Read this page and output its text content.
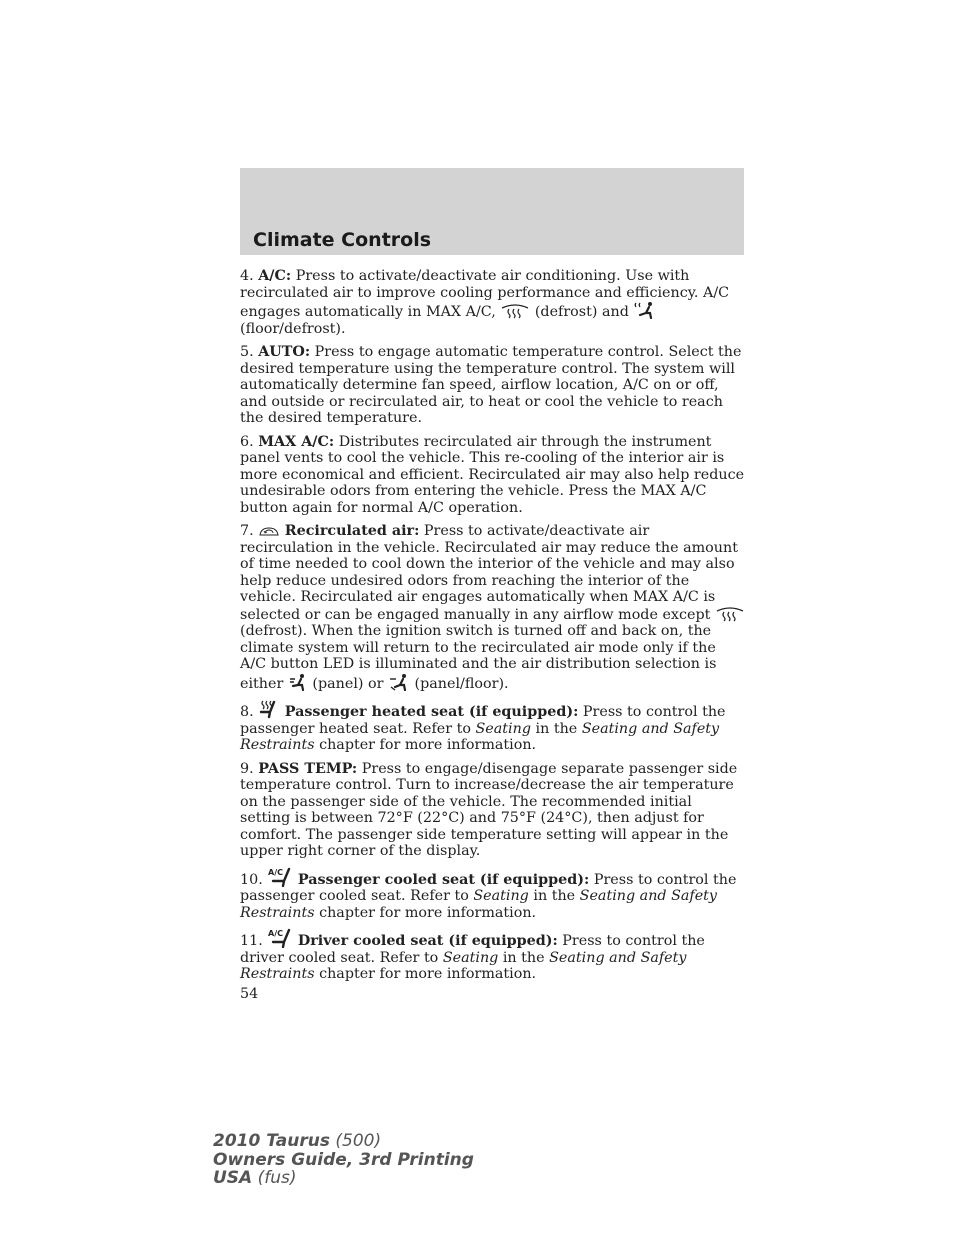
Climate Controls

4. A/C: Press to activate/deactivate air conditioning. Use with recirculated air to improve cooling performance and efficiency. A/C engages automatically in MAX A/C,	(defrost) and  (floor/defrost).

5. AUTO: Press to engage automatic temperature control. Select the desired temperature using the temperature control. The system will automatically determine fan speed, airflow location, A/C on or off, and outside or recirculated air, to heat or cool the vehicle to reach the desired temperature.

6. MAX A/C: Distributes recirculated air through the instrument panel vents to cool the vehicle. This re-cooling of the interior air is more economical and efficient. Recirculated air may also help reduce undesirable odors from entering the vehicle. Press the MAX A/C button again for normal A/C operation.

7. Recirculated air: Press to activate/deactivate air recirculation in the vehicle. Recirculated air may reduce the amount of time needed to cool down the interior of the vehicle and may also help reduce undesired odors from reaching the interior of the vehicle. Recirculated air engages automatically when MAX A/C is selected or can be engaged manually in any airflow mode except  (defrost). When the ignition switch is turned off and back on, the climate system will return to the recirculated air mode only if the A/C button LED is illuminated and the air distribution selection is either (panel) or (panel/floor).

8. Passenger heated seat (if equipped): Press to control the passenger heated seat. Refer to Seating in the Seating and Safety Restraints chapter for more information.

9. PASS TEMP: Press to engage/disengage separate passenger side temperature control. Turn to increase/decrease the air temperature on the passenger side of the vehicle. The recommended initial setting is between 72°F (22°C) and 75°F (24°C), then adjust for comfort. The passenger side temperature setting will appear in the upper right corner of the display.

10. A/C Passenger cooled seat (if equipped): Press to control the passenger cooled seat. Refer to Seating in the Seating and Safety Restraints chapter for more information.

11. A/C Driver cooled seat (if equipped): Press to control the driver cooled seat. Refer to Seating in the Seating and Safety Restraints chapter for more information.

54
2010 Taurus (500)
Owners Guide, 3rd Printing
USA (fus)
